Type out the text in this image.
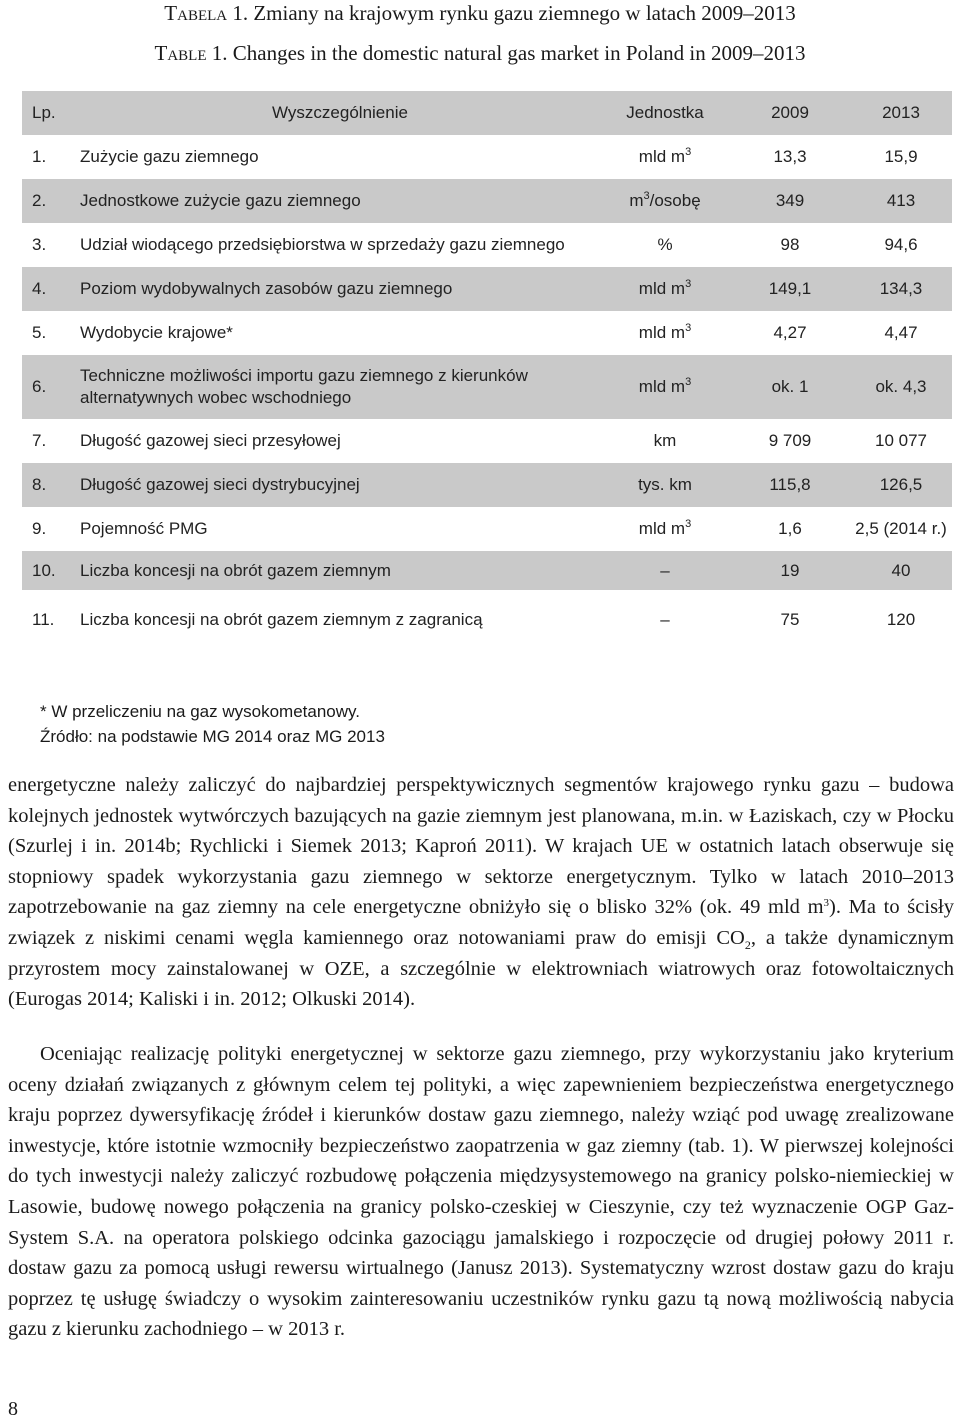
Tabela 1. Zmiany na krajowym rynku gazu ziemnego w latach 2009–2013
Table 1. Changes in the domestic natural gas market in Poland in 2009–2013
Lp.	Wyszczególnienie	Jednostka	2009	2013
1.	Zużycie gazu ziemnego	mld $m^3$	13,3	15,9
2.	Jednostkowe zużycie gazu ziemnego	$m^3$/osobę	349	413
3.	Udział wiodącego przedsiębiorstwa w sprzedaży gazu ziemnego	%	98	94,6
4.	Poziom wydobywalnych zasobów gazu ziemnego	mld $m^3$	149,1	134,3
5.	Wydobycie krajowe*	mld $m^3$	4,27	4,47
6.	Techniczne możliwości importu gazu ziemnego z kierunków
alternatywnych wobec wschodniego	mld $m^3$	ok. 1	ok. 4,3
7.	Długość gazowej sieci przesyłowej	km	9 709	10 077
8.	Długość gazowej sieci dystrybucyjnej	tys. km	115,8	126,5
9.	Pojemność PMG	mld $m^3$	1,6	2,5 (2014 r.)
10.	Liczba koncesji na obrót gazem ziemnym	–	19	40
11.	Liczba koncesji na obrót gazem ziemnym z zagranicą	–	75	120
* W przeliczeniu na gaz wysokometanowy.
Źródło: na podstawie MG 2014 oraz MG 2013

energetyczne należy zaliczyć do najbardziej perspektywicznych segmentów krajowego rynku gazu – budowa kolejnych jednostek wytwórczych bazujących na gazie ziemnym jest planowana, m.in. w Łaziskach, czy w Płocku (Szurlej i in. 2014b; Rychlicki i Siemek 2013; Kaproń 2011). W krajach UE w ostatnich latach obserwuje się stopniowy spadek wykorzystania gazu ziemnego w sektorze energetycznym. Tylko w latach 2010–2013 zapotrzebowanie na gaz ziemny na cele energetyczne obniżyło się o blisko 32% (ok. 49 mld $m^3$). Ma to ścisły związek z niskimi cenami węgla kamiennego oraz notowaniami praw do emisji $CO_2$, a także dynamicznym przyrostem mocy zainstalowanej w OZE, a szczególnie w elektrowniach wiatrowych oraz fotowoltaicznych (Eurogas 2014; Kaliski i in. 2012; Olkuski 2014).

Oceniając realizację polityki energetycznej w sektorze gazu ziemnego, przy wykorzystaniu jako kryterium oceny działań związanych z głównym celem tej polityki, a więc zapewnieniem bezpieczeństwa energetycznego kraju poprzez dywersyfikację źródeł i kierunków dostaw gazu ziemnego, należy wziąć pod uwagę zrealizowane inwestycje, które istotnie wzmocniły bezpieczeństwo zaopatrzenia w gaz ziemny (tab. 1). W pierwszej kolejności do tych inwestycji należy zaliczyć rozbudowę połączenia międzysystemowego na granicy polsko-niemieckiej w Lasowie, budowę nowego połączenia na granicy polsko-czeskiej w Cieszynie, czy też wyznaczenie OGP Gaz-System S.A. na operatora polskiego odcinka gazociągu jamalskiego i rozpoczęcie od drugiej połowy 2011 r. dostaw gazu za pomocą usługi rewersu wirtualnego (Janusz 2013). Systematyczny wzrost dostaw gazu do kraju poprzez tę usługę świadczy o wysokim zainteresowaniu uczestników rynku gazu tą nową możliwością nabycia gazu z kierunku zachodniego – w 2013 r.

8
